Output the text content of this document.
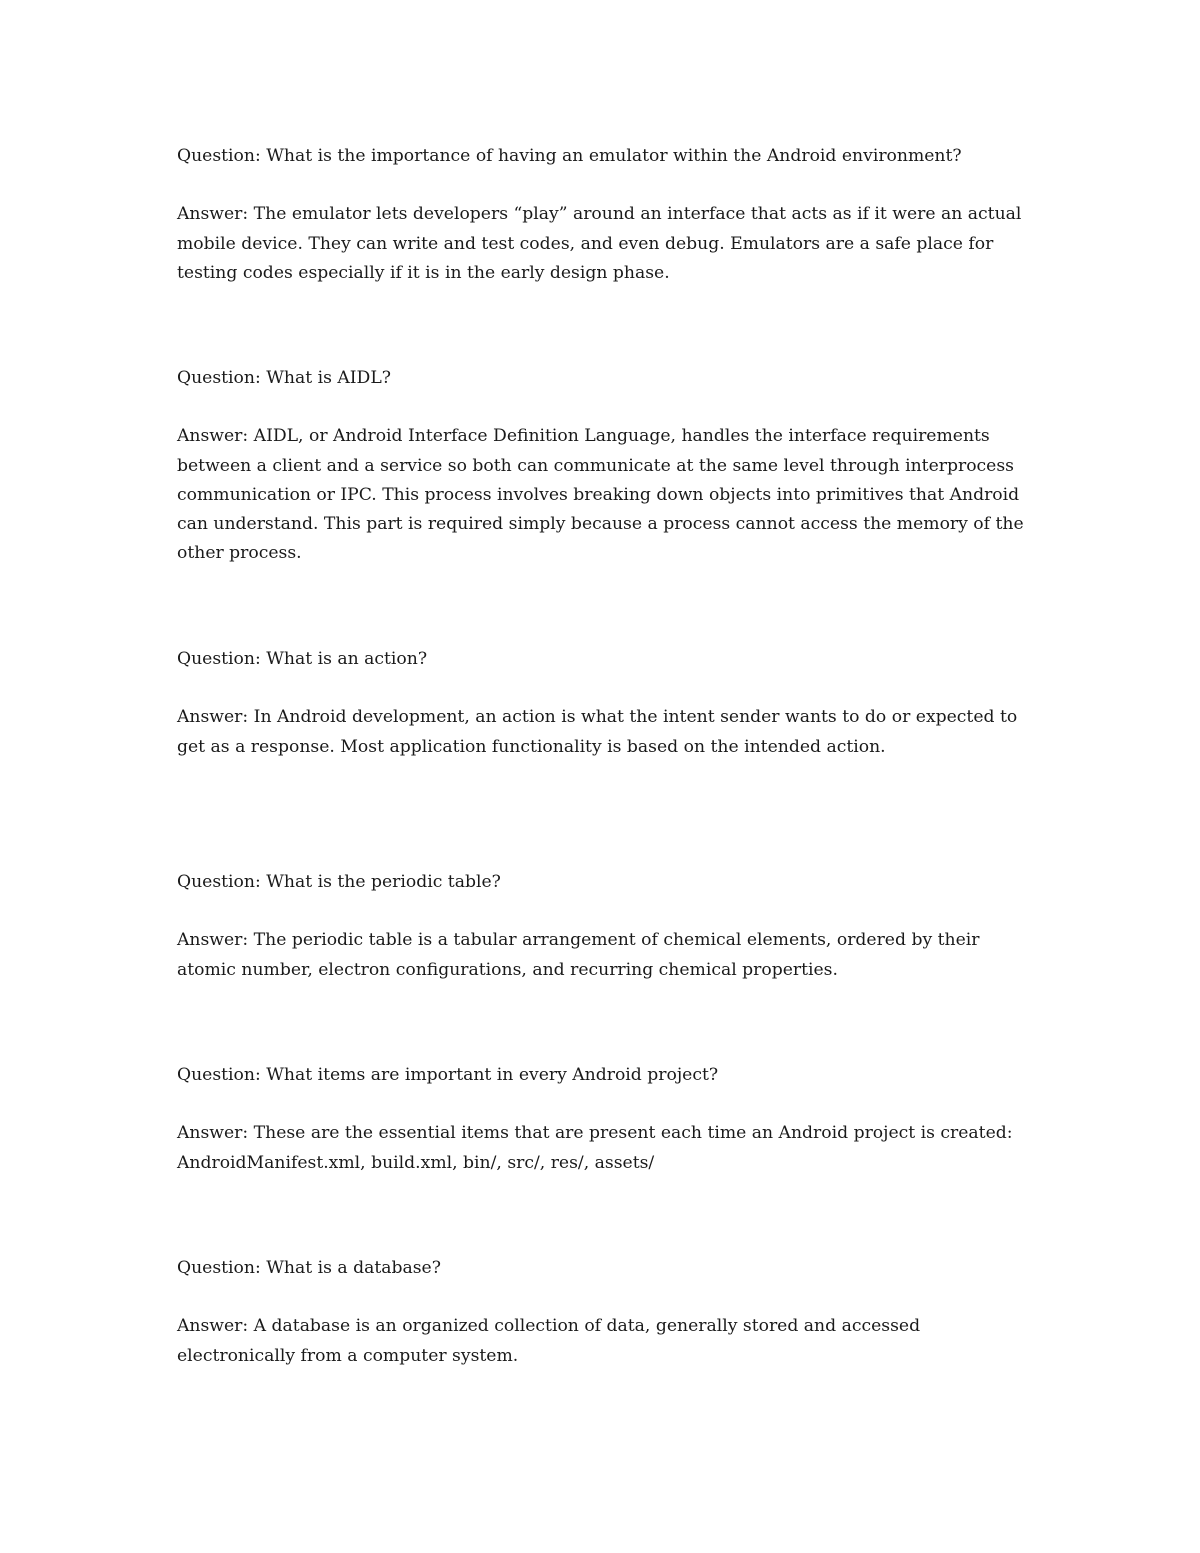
Question: What is the importance of having an emulator within the Android environment?

Answer: The emulator lets developers “play” around an interface that acts as if it were an actual mobile device. They can write and test codes, and even debug. Emulators are a safe place for testing codes especially if it is in the early design phase.

Question: What is AIDL?

Answer: AIDL, or Android Interface Definition Language, handles the interface requirements between a client and a service so both can communicate at the same level through interprocess communication or IPC. This process involves breaking down objects into primitives that Android can understand. This part is required simply because a process cannot access the memory of the other process.

Question: What is an action?

Answer: In Android development, an action is what the intent sender wants to do or expected to get as a response. Most application functionality is based on the intended action.

Question: What is the periodic table?

Answer: The periodic table is a tabular arrangement of chemical elements, ordered by their atomic number, electron configurations, and recurring chemical properties.

Question: What items are important in every Android project?

Answer: These are the essential items that are present each time an Android project is created: AndroidManifest.xml, build.xml, bin/, src/, res/, assets/

Question: What is a database?

Answer: A database is an organized collection of data, generally stored and accessed electronically from a computer system.
